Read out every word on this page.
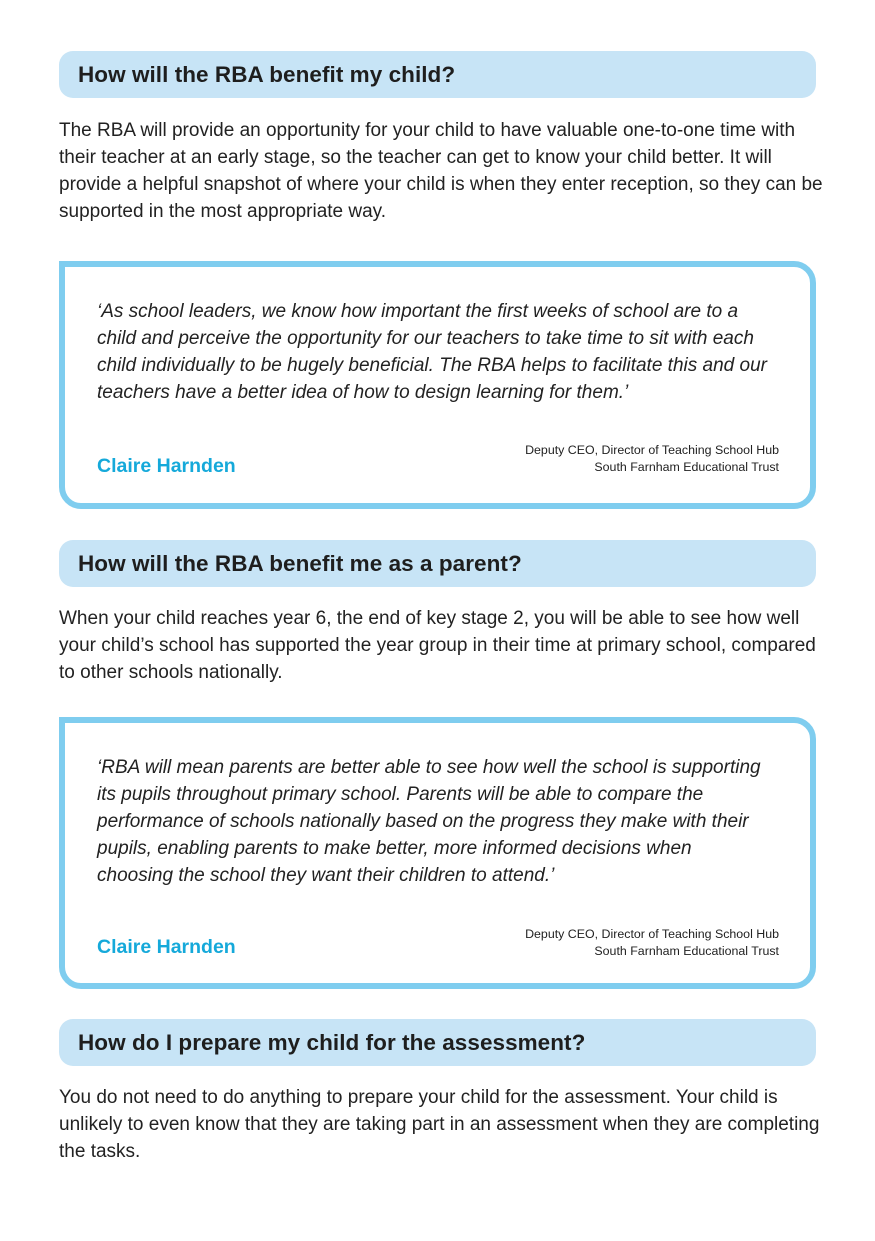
How will the RBA benefit my child?

The RBA will provide an opportunity for your child to have valuable one-to-one time with their teacher at an early stage, so the teacher can get to know your child better. It will provide a helpful snapshot of where your child is when they enter reception, so they can be supported in the most appropriate way.

‘As school leaders, we know how important the first weeks of school are to a child and perceive the opportunity for our teachers to take time to sit with each child individually to be hugely beneficial. The RBA helps to facilitate this and our teachers have a better idea of how to design learning for them.’

Claire Harnden

Deputy CEO, Director of Teaching School Hub
South Farnham Educational Trust

How will the RBA benefit me as a parent?

When your child reaches year 6, the end of key stage 2, you will be able to see how well your child’s school has supported the year group in their time at primary school, compared to other schools nationally.

‘RBA will mean parents are better able to see how well the school is supporting its pupils throughout primary school. Parents will be able to compare the performance of schools nationally based on the progress they make with their pupils, enabling parents to make better, more informed decisions when choosing the school they want their children to attend.’

Claire Harnden

Deputy CEO, Director of Teaching School Hub
South Farnham Educational Trust

How do I prepare my child for the assessment?

You do not need to do anything to prepare your child for the assessment. Your child is unlikely to even know that they are taking part in an assessment when they are completing the tasks.
